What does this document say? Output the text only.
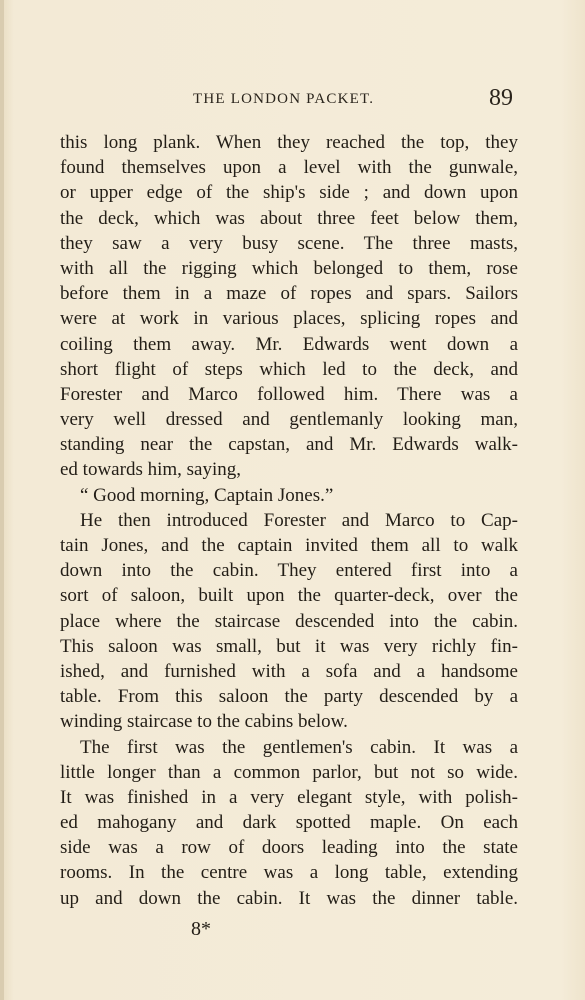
THE LONDON PACKET.	89
this long plank. When they reached the top, they
found themselves upon a level with the gunwale,
or upper edge of the ship's side ; and down upon
the deck, which was about three feet below them,
they saw a very busy scene. The three masts,
with all the rigging which belonged to them, rose
before them in a maze of ropes and spars. Sailors
were at work in various places, splicing ropes and
coiling them away. Mr. Edwards went down a
short flight of steps which led to the deck, and
Forester and Marco followed him. There was a
very well dressed and gentlemanly looking man,
standing near the capstan, and Mr. Edwards walk-
ed towards him, saying,
“ Good morning, Captain Jones.”
He then introduced Forester and Marco to Cap-
tain Jones, and the captain invited them all to walk
down into the cabin. They entered first into a
sort of saloon, built upon the quarter-deck, over the
place where the staircase descended into the cabin.
This saloon was small, but it was very richly fin-
ished, and furnished with a sofa and a handsome
table. From this saloon the party descended by a
winding staircase to the cabins below.
The first was the gentlemen's cabin. It was a
little longer than a common parlor, but not so wide.
It was finished in a very elegant style, with polish-
ed mahogany and dark spotted maple. On each
side was a row of doors leading into the state
rooms. In the centre was a long table, extending
up and down the cabin. It was the dinner table.
8*
